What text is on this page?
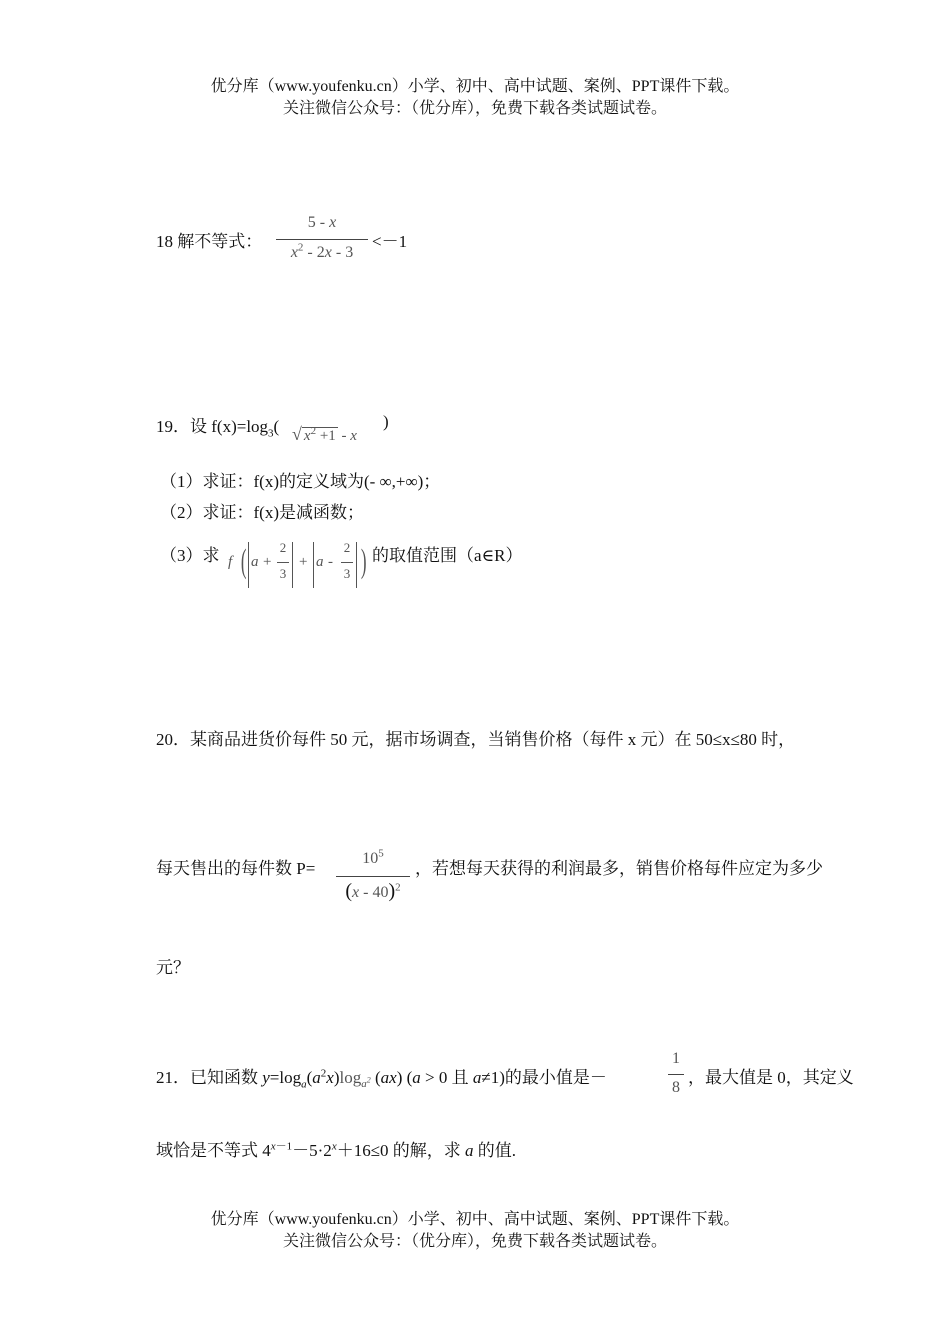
优分库（www.youfenku.cn）小学、初中、高中试题、案例、PPT课件下载。
关注微信公众号：（优分库），免费下载各类试题试卷。
18 解不等式：
5 - x
$x^2 - 2x - 3$
<－1
19．设 $f(x)=\log_3$( √ $x^2 +1 - x$
)
（1）求证：f(x)的定义域为(- ∞,+∞)；
（2）求证：f(x)是减函数；
（3）求 f ( a +
2
3
+ a -
2
3 ) 的取值范围（a∈R）
20．某商品进货价每件 50 元，据市场调查，当销售价格（每件 x 元）在 50≤x≤80 时，
每天售出的每件数 P=
$10^5$
(x - 40)$^2$
，若想每天获得的利润最多，销售价格每件应定为多少
元？
21．已知函数 $y=\log_a(a^2x)\log_{a^2}$ (ax) (a > 0 且 a≠1)的最小值是－
1
8
，最大值是 0，其定义
域恰是不等式 $4^{x-1}-5\cdot 2^x+16\le 0$ 的解，求 a 的值.
优分库（www.youfenku.cn）小学、初中、高中试题、案例、PPT课件下载。
关注微信公众号：（优分库），免费下载各类试题试卷。
